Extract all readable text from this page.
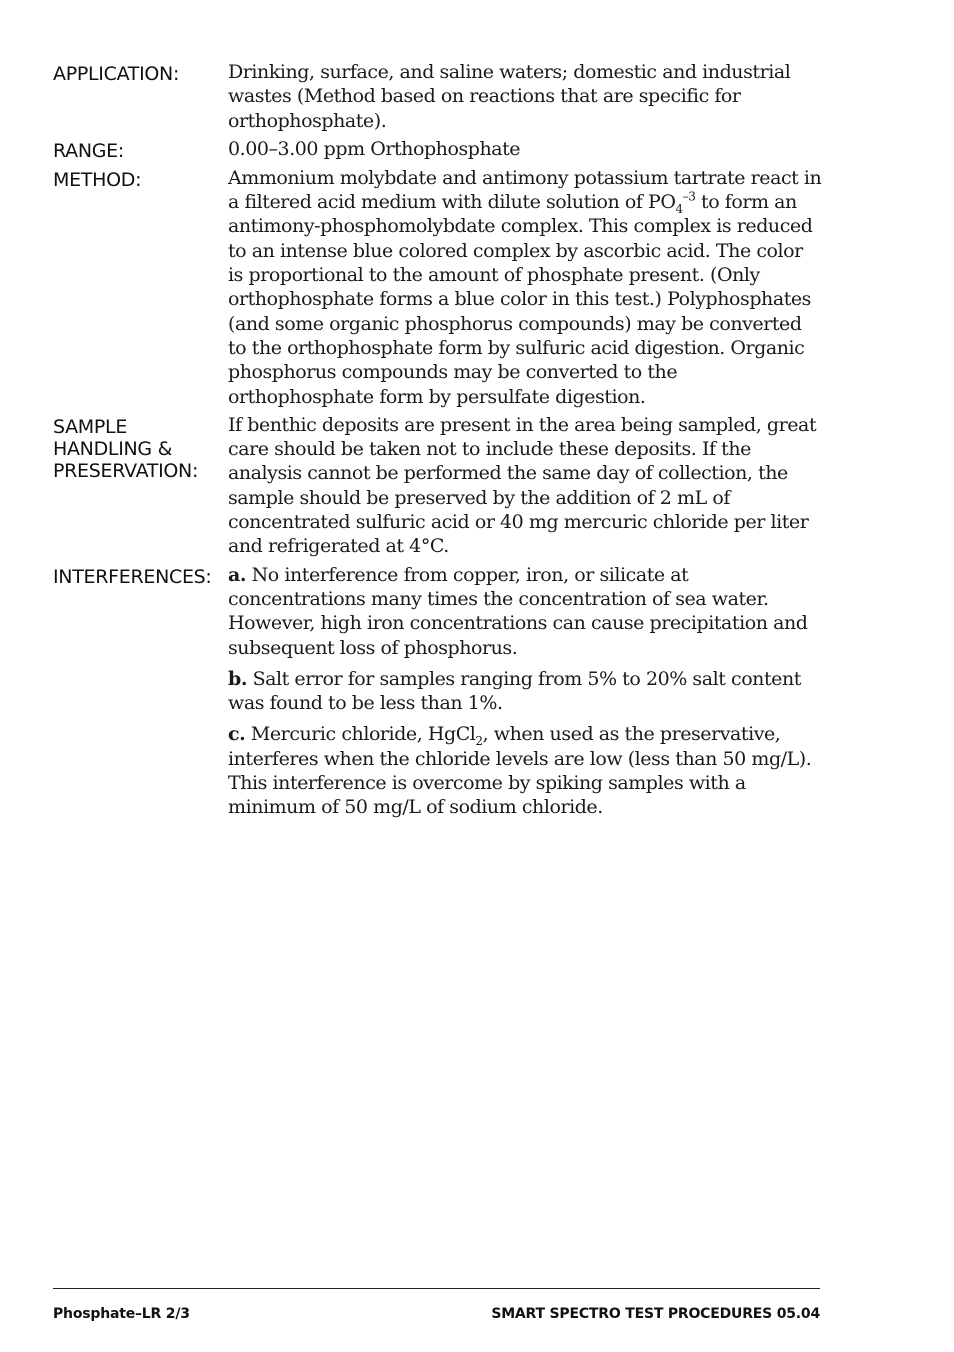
APPLICATION:	Drinking, surface, and saline waters; domestic and industrial wastes (Method based on reactions that are specific for orthophosphate).

RANGE:	0.00–3.00 ppm Orthophosphate

METHOD:	Ammonium molybdate and antimony potassium tartrate react in a filtered acid medium with dilute solution of $PO_4^{-3}$ to form an antimony-phosphomolybdate complex. This complex is reduced to an intense blue colored complex by ascorbic acid. The color is proportional to the amount of phosphate present. (Only orthophosphate forms a blue color in this test.) Polyphosphates (and some organic phosphorus compounds) may be converted to the orthophosphate form by sulfuric acid digestion. Organic phosphorus compounds may be converted to the orthophosphate form by persulfate digestion.

SAMPLE
HANDLING &
PRESERVATION:

If benthic deposits are present in the area being sampled, great care should be taken not to include these deposits. If the analysis cannot be performed the same day of collection, the sample should be preserved by the addition of 2 mL of concentrated sulfuric acid or 40 mg mercuric chloride per liter and refrigerated at 4°C.

INTERFERENCES: a. No interference from copper, iron, or silicate at concentrations many times the concentration of sea water. However, high iron concentrations can cause precipitation and subsequent loss of phosphorus.

b. Salt error for samples ranging from 5% to 20% salt content was found to be less than 1%.

c. Mercuric chloride, HgCl$_2$, when used as the preservative, interferes when the chloride levels are low (less than 50 mg/L). This interference is overcome by spiking samples with a minimum of 50 mg/L of sodium chloride.

Phosphate–LR 2/3	SMART SPECTRO TEST PROCEDURES 05.04
